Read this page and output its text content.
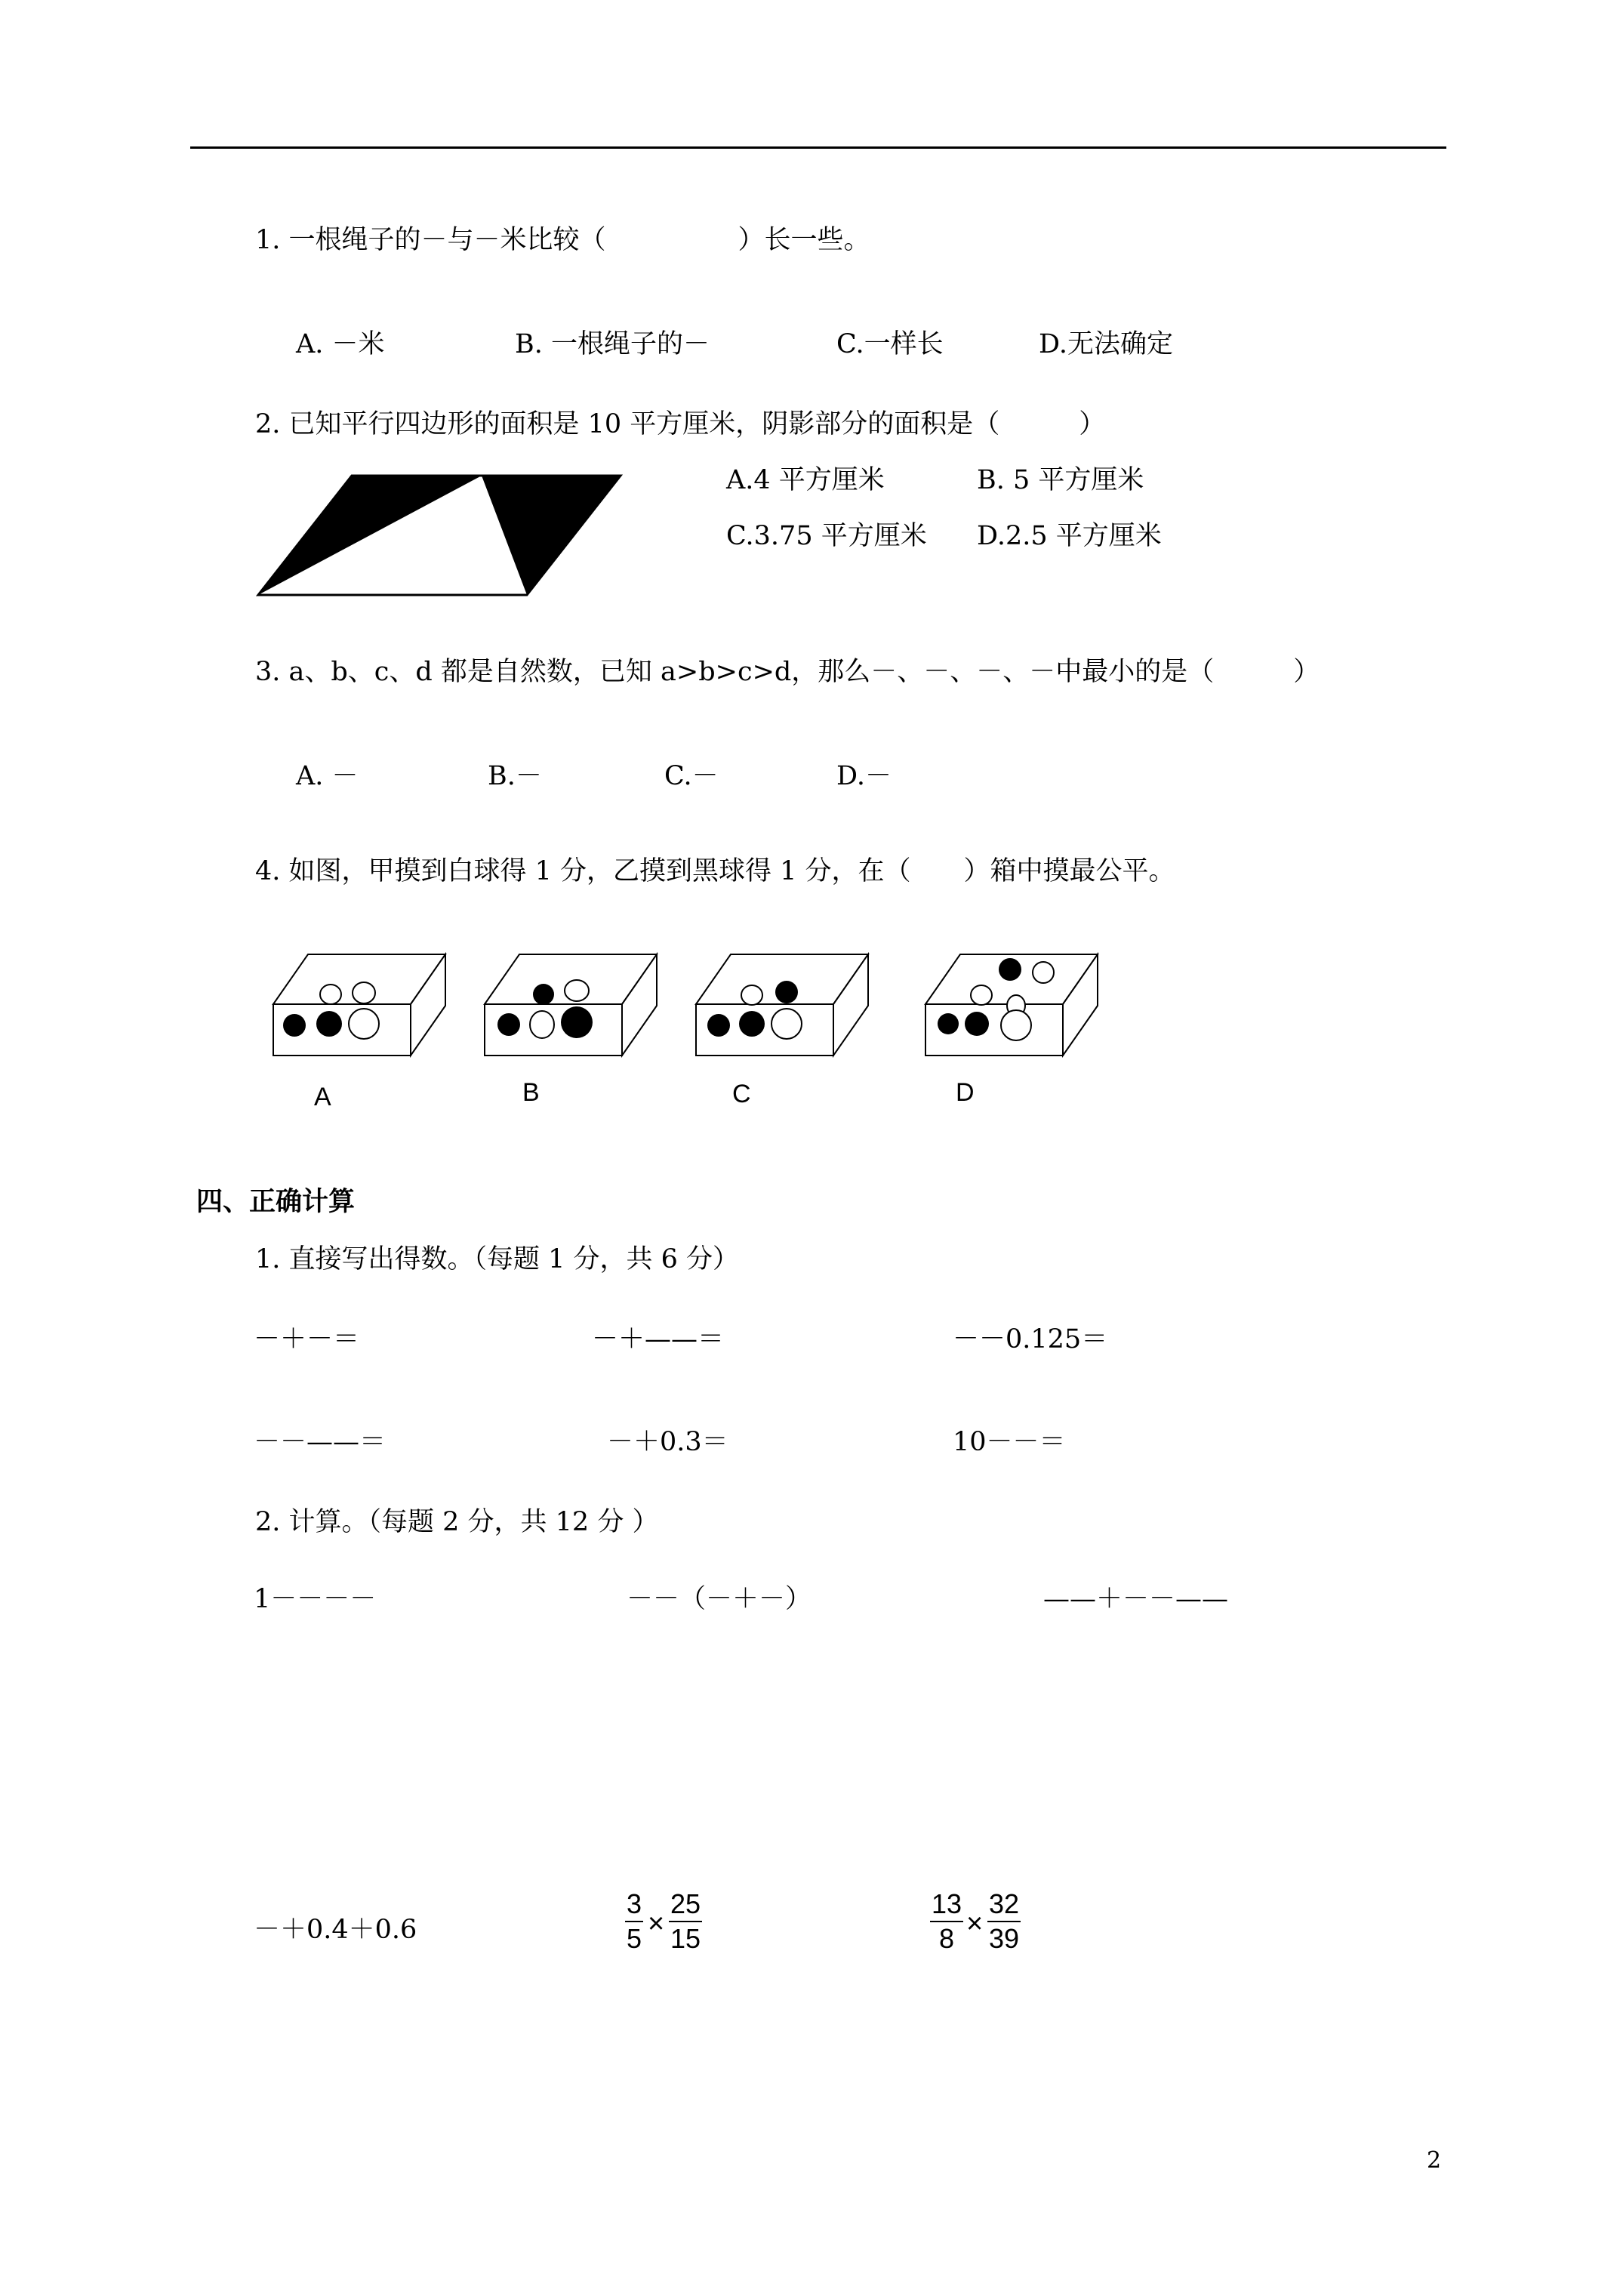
1. 一根绳子的－与－米比较（　　　　　）长一些。
A. －米	B. 一根绳子的－	C.一样长	D.无法确定
2. 已知平行四边形的面积是 10 平方厘米，阴影部分的面积是（　　　）
A.4 平方厘米	B. 5 平方厘米
C.3.75 平方厘米 D.2.5 平方厘米
3. a、b、c、d 都是自然数，已知 a>b>c>d，那么－、－、－、－中最小的是（　　　）
A. －	B.－	C.－	D.－
4. 如图，甲摸到白球得 1 分，乙摸到黑球得 1 分，在（　　）箱中摸最公平。
A	B	C	D
四、正确计算
1. 直接写出得数。（每题 1 分，共 6 分）
－＋－＝	－＋——＝	－－0.125＝
－－——＝	－＋0.3＝	10－－＝
2. 计算。（每题 2 分，共 12 分 ）
1－－－－	－－（－＋－）	——＋－－——
－＋0.4＋0.6	$\frac{3}{5} \times \frac{25}{15}$	$\frac{13}{8} \times \frac{32}{39}$
2
